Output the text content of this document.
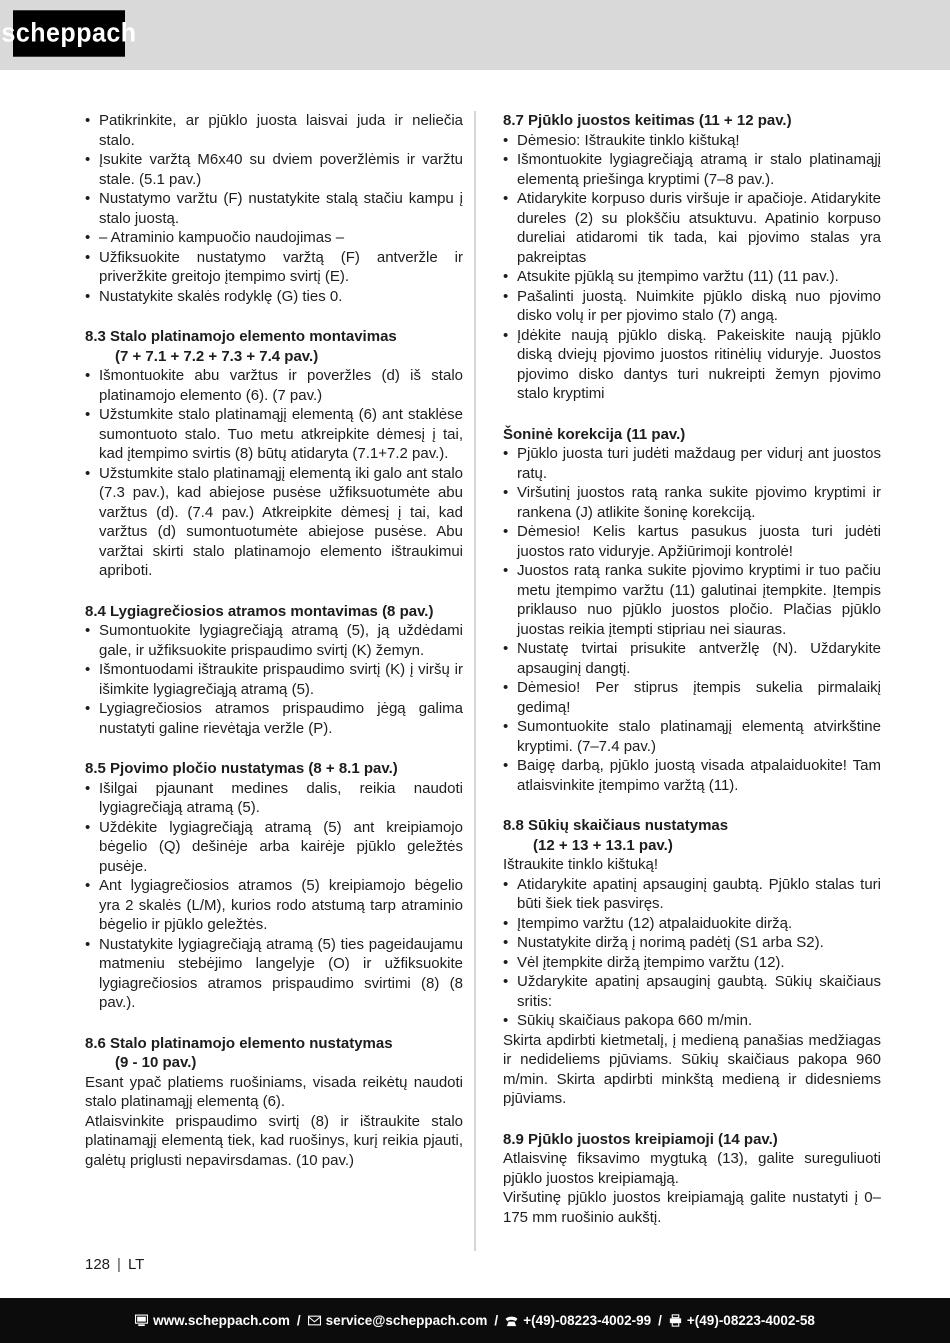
scheppach
• Patikrinkite, ar pjūklo juosta laisvai juda ir neliečia stalo.
• Įsukite varžtą M6x40 su dviem poveržlėmis ir varžtu stale. (5.1 pav.)
• Nustatymo varžtu (F) nustatykite stalą stačiu kampu į stalo juostą.
• – Atraminio kampuočio naudojimas –
• Užfiksuokite nustatymo varžtą (F) antveržle ir priveržkite greitojo įtempimo svirtį (E).
• Nustatykite skalės rodyklę (G) ties 0.
8.3 Stalo platinamojo elemento montavimas
(7 + 7.1 + 7.2 + 7.3 + 7.4 pav.)
• Išmontuokite abu varžtus ir poveržles (d) iš stalo platinamojo elemento (6). (7 pav.)
• Užstumkite stalo platinamąjį elementą (6) ant staklėse sumontuoto stalo. Tuo metu atkreipkite dėmesį į tai, kad įtempimo svirtis (8) būtų atidaryta (7.1+7.2 pav.).
• Užstumkite stalo platinamąjį elementą iki galo ant stalo (7.3 pav.), kad abiejose pusėse užfiksuotumėte abu varžtus (d). (7.4 pav.) Atkreipkite dėmesį į tai, kad varžtus (d) sumontuotumėte abiejose pusėse. Abu varžtai skirti stalo platinamojo elemento ištraukimui apriboti.
8.4 Lygiagrečiosios atramos montavimas (8 pav.)
• Sumontuokite lygiagrečiąją atramą (5), ją uždėdami gale, ir užfiksuokite prispaudimo svirtį (K) žemyn.
• Išmontuodami ištraukite prispaudimo svirtį (K) į viršų ir išimkite lygiagrečiąją atramą (5).
• Lygiagrečiosios atramos prispaudimo jėgą galima nustatyti galine rievėtąja veržle (P).
8.5 Pjovimo pločio nustatymas (8 + 8.1 pav.)
• Išilgai pjaunant medines dalis, reikia naudoti lygiagrečiąją atramą (5).
• Uždėkite lygiagrečiąją atramą (5) ant kreipiamojo bėgelio (Q) dešinėje arba kairėje pjūklo geležtės pusėje.
• Ant lygiagrečiosios atramos (5) kreipiamojo bėgelio yra 2 skalės (L/M), kurios rodo atstumą tarp atraminio bėgelio ir pjūklo geležtės.
• Nustatykite lygiagrečiąją atramą (5) ties pageidaujamu matmeniu stebėjimo langelyje (O) ir užfiksuokite lygiagrečiosios atramos prispaudimo svirtimi (8) (8 pav.).
8.6 Stalo platinamojo elemento nustatymas
(9 - 10 pav.)
Esant ypač platiems ruošiniams, visada reikėtų naudoti stalo platinamąjį elementą (6).
Atlaisvinkite prispaudimo svirtį (8) ir ištraukite stalo platinamąjį elementą tiek, kad ruošinys, kurį reikia pjauti, galėtų priglusti nepavirsdamas. (10 pav.)
8.7 Pjūklo juostos keitimas (11 + 12 pav.)
• Dėmesio: Ištraukite tinklo kištuką!
• Išmontuokite lygiagrečiąją atramą ir stalo platinamąjį elementą priešinga kryptimi (7–8 pav.).
• Atidarykite korpuso duris viršuje ir apačioje. Atidarykite dureles (2) su plokščiu atsuktuvu. Apatinio korpuso dureliai atidaromi tik tada, kai pjovimo stalas yra pakreiptas
• Atsukite pjūklą su įtempimo varžtu (11) (11 pav.).
• Pašalinti juostą. Nuimkite pjūklo diską nuo pjovimo disko volų ir per pjovimo stalo (7) angą.
• Įdėkite naują pjūklo diską. Pakeiskite naują pjūklo diską dviejų pjovimo juostos ritinėlių viduryje. Juostos pjovimo disko dantys turi nukreipti žemyn pjovimo stalo kryptimi
Šoninė korekcija (11 pav.)
• Pjūklo juosta turi judėti maždaug per vidurį ant juostos ratų.
• Viršutinį juostos ratą ranka sukite pjovimo kryptimi ir rankena (J) atlikite šoninę korekciją.
• Dėmesio! Kelis kartus pasukus juosta turi judėti juostos rato viduryje. Apžiūrimoji kontrolė!
• Juostos ratą ranka sukite pjovimo kryptimi ir tuo pačiu metu įtempimo varžtu (11) galutinai įtempkite. Įtempis priklauso nuo pjūklo juostos pločio. Plačias pjūklo juostas reikia įtempti stipriau nei siauras.
• Nustatę tvirtai prisukite antveržlę (N). Uždarykite apsauginį dangtį.
• Dėmesio! Per stiprus įtempis sukelia pirmalaikį gedimą!
• Sumontuokite stalo platinamąjį elementą atvirkštine kryptimi. (7–7.4 pav.)
• Baigę darbą, pjūklo juostą visada atpalaiduokite! Tam atlaisvinkite įtempimo varžtą (11).
8.8 Sūkių skaičiaus nustatymas
(12 + 13 + 13.1 pav.)
Ištraukite tinklo kištuką!
• Atidarykite apatinį apsauginį gaubtą. Pjūklo stalas turi būti šiek tiek pasviręs.
• Įtempimo varžtu (12) atpalaiduokite diržą.
• Nustatykite diržą į norimą padėtį (S1 arba S2).
• Vėl įtempkite diržą įtempimo varžtu (12).
• Uždarykite apatinį apsauginį gaubtą. Sūkių skaičiaus sritis:
• Sūkių skaičiaus pakopa 660 m/min.
Skirta apdirbti kietmetalį, į medieną panašias medžiagas ir nedideliems pjūviams. Sūkių skaičiaus pakopa 960 m/min. Skirta apdirbti minkštą medieną ir didesniems pjūviams.
8.9 Pjūklo juostos kreipiamoji (14 pav.)
Atlaisvinę fiksavimo mygtuką (13), galite sureguliuoti pjūklo juostos kreipiamąją.
Viršutinę pjūklo juostos kreipiamąją galite nustatyti į 0–175 mm ruošinio aukštį.
128 | LT
www.scheppach.com / service@scheppach.com / +(49)-08223-4002-99 / +(49)-08223-4002-58
